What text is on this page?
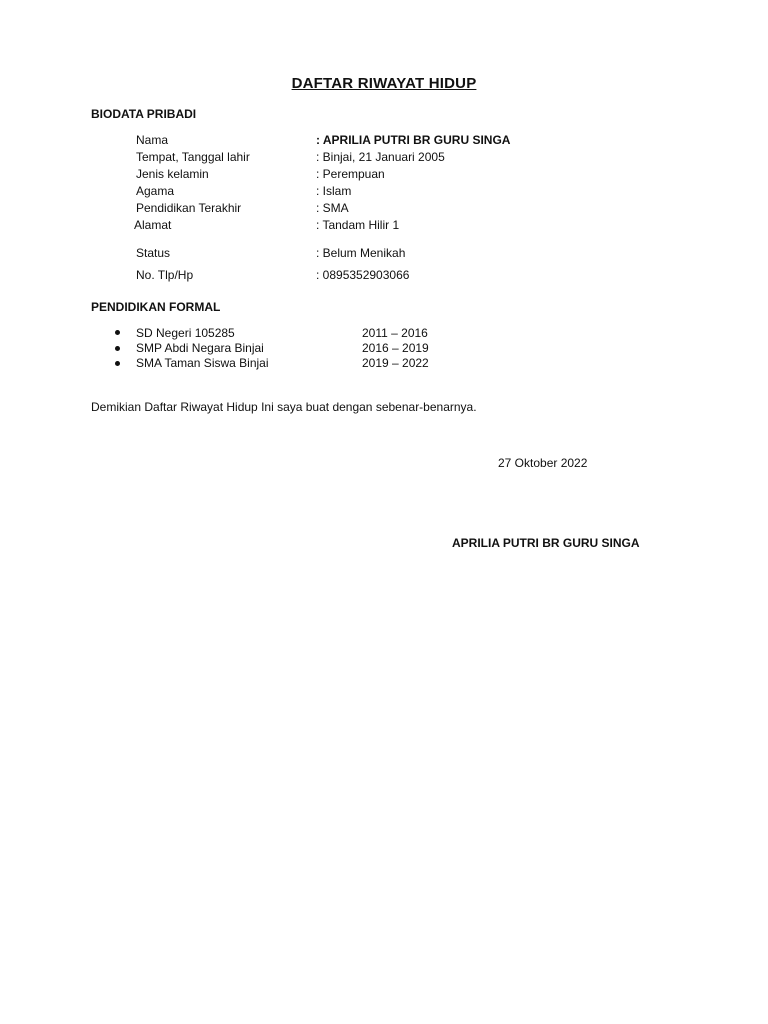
DAFTAR RIWAYAT HIDUP
BIODATA PRIBADI
Nama	: APRILIA PUTRI BR GURU SINGA
Tempat, Tanggal lahir	: Binjai, 21 Januari 2005
Jenis kelamin	: Perempuan
Agama	: Islam
Pendidikan Terakhir	: SMA
Alamat	: Tandam Hilir 1
Status	: Belum Menikah
No. Tlp/Hp	: 0895352903066
PENDIDIKAN FORMAL
SD Negeri 105285	2011 – 2016
SMP Abdi Negara Binjai	2016 – 2019
SMA Taman Siswa Binjai	2019 – 2022
Demikian Daftar Riwayat Hidup Ini saya buat dengan sebenar-benarnya.
27 Oktober 2022
APRILIA PUTRI BR GURU SINGA
